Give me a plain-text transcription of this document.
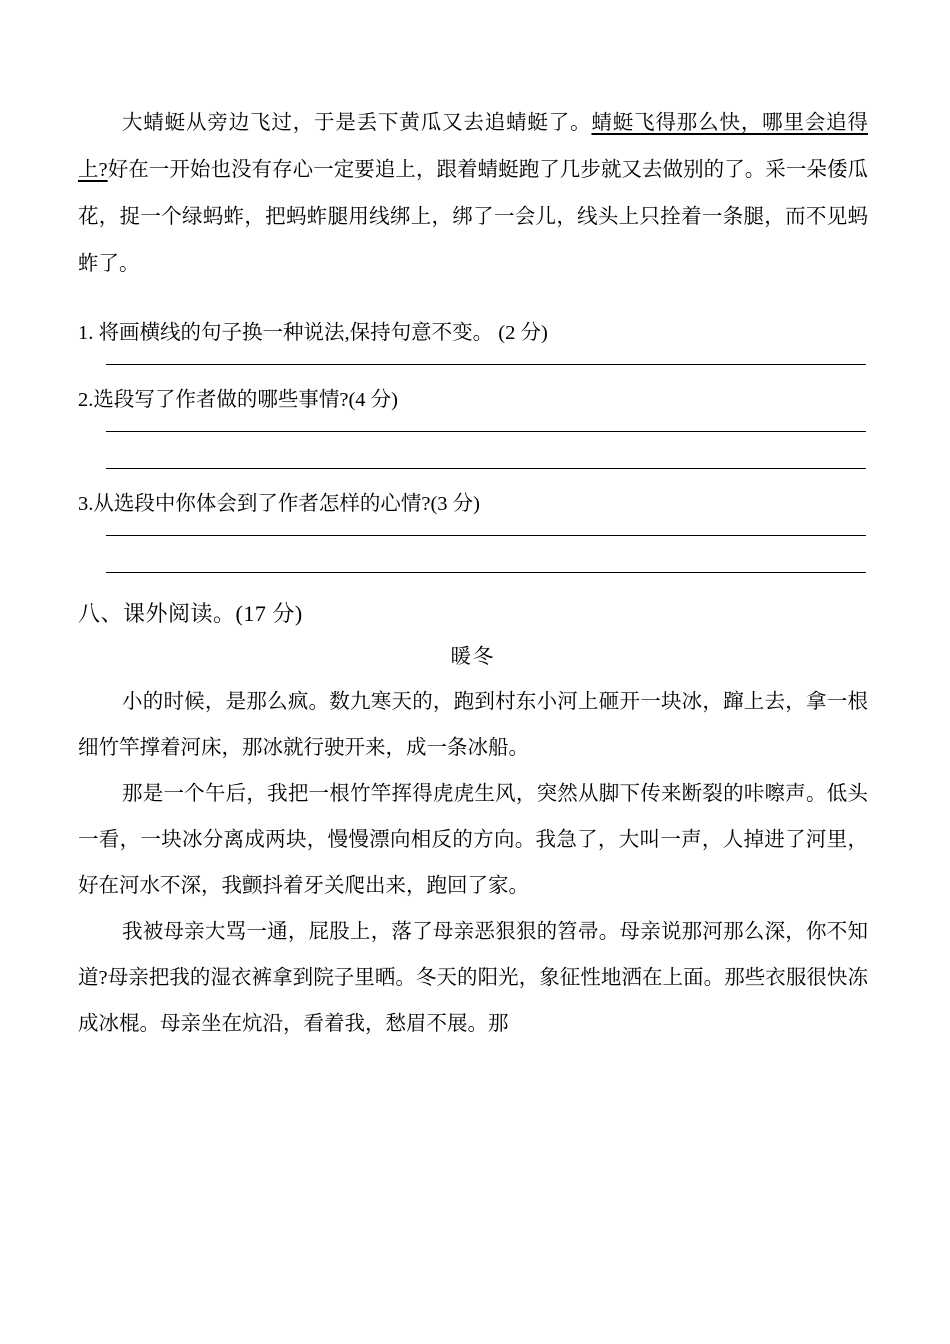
大蜻蜓从旁边飞过，于是丢下黄瓜又去追蜻蜓了。蜻蜓飞得那么快，哪里会追得上?好在一开始也没有存心一定要追上，跟着蜻蜓跑了几步就又去做别的了。采一朵倭瓜花，捉一个绿蚂蚱，把蚂蚱腿用线绑上，绑了一会儿，线头上只拴着一条腿，而不见蚂蚱了。

1. 将画横线的句子换一种说法,保持句意不变。 (2 分)

2.选段写了作者做的哪些事情?(4 分)

3.从选段中你体会到了作者怎样的心情?(3 分)

八、课外阅读。(17 分)

暖冬

小的时候，是那么疯。数九寒天的，跑到村东小河上砸开一块冰，蹿上去，拿一根细竹竿撑着河床，那冰就行驶开来，成一条冰船。

那是一个午后，我把一根竹竿挥得虎虎生风，突然从脚下传来断裂的咔嚓声。低头一看，一块冰分离成两块，慢慢漂向相反的方向。我急了，大叫一声，人掉进了河里，好在河水不深，我颤抖着牙关爬出来，跑回了家。

我被母亲大骂一通，屁股上，落了母亲恶狠狠的笤帚。母亲说那河那么深，你不知道?母亲把我的湿衣裤拿到院子里晒。冬天的阳光，象征性地洒在上面。那些衣服很快冻成冰棍。母亲坐在炕沿，看着我，愁眉不展。那
